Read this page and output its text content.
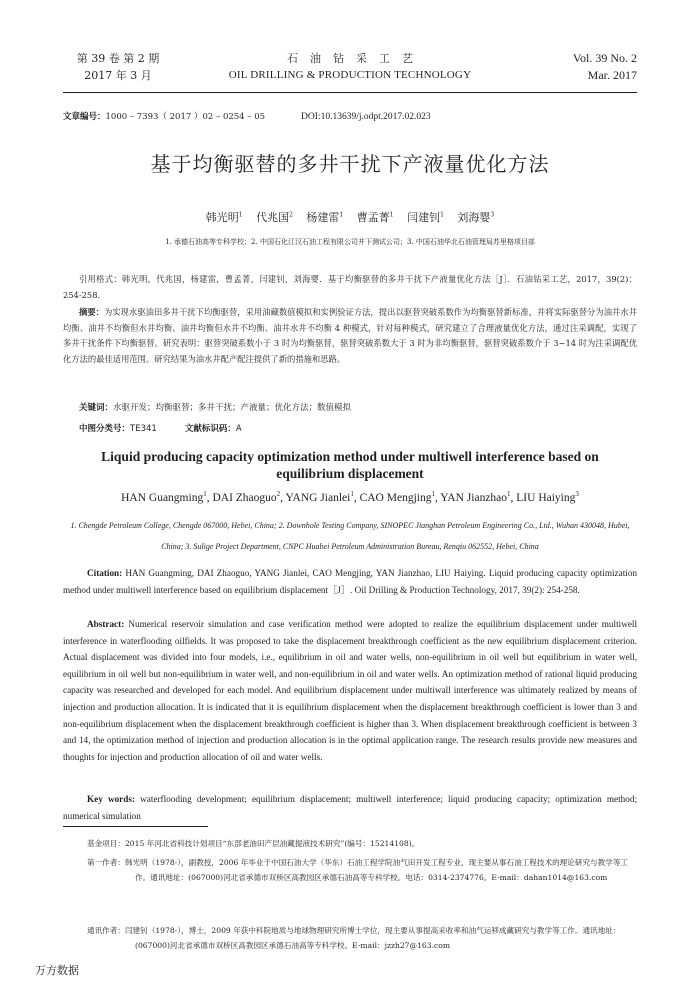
第 39 卷 第 2 期
2017 年 3 月
石 油 钻 采 工 艺
OIL DRILLING & PRODUCTION TECHNOLOGY
Vol. 39 No. 2
Mar. 2017
文章编号：1000 – 7393（ 2017 ）02 – 0254 – 05	DOI:10.13639/j.odpt.2017.02.023
基于均衡驱替的多井干扰下产液量优化方法
韩光明$^1$ 代兆国$^2$ 杨建雷$^1$ 曹孟菁$^1$ 闫建钊$^1$ 刘海婴$^3$
1. 承德石油高等专科学校；2. 中国石化江汉石油工程有限公司井下测试公司；3. 中国石油华北石油管理局苏里格项目部
引用格式：韩光明，代兆国，杨建雷，曹孟菁，闫建钊，刘海婴．基于均衡驱替的多井干扰下产液量优化方法［J］．石油钻采工艺，2017，39(2)：254-258.
摘要：为实现水驱油田多井干扰下均衡驱替，采用油藏数值模拟和实例验证方法，提出以驱替突破系数作为均衡驱替新标准，并将实际驱替分为油井水井均衡、油井不均衡但水井均衡、油井均衡但水井不均衡、油井水井不均衡 4 种模式，针对每种模式，研究建立了合理液量优化方法，通过注采调配，实现了多井干扰条件下均衡驱替。研究表明：驱替突破系数小于 3 时为均衡驱替，驱替突破系数大于 3 时为非均衡驱替，驱替突破系数介于 3~14 时为注采调配优化方法的最佳适用范围。研究结果为油水井配产配注提供了新的措施和思路。
关键词：水驱开发；均衡驱替；多井干扰；产液量；优化方法；数值模拟
中图分类号：TE341	文献标识码：A
Liquid producing capacity optimization method under multiwell interference based on equilibrium displacement
HAN Guangming$^1$, DAI Zhaoguo$^2$, YANG Jianlei$^1$, CAO Mengjing$^1$, YAN Jianzhao$^1$, LIU Haiying$^3$
1. Chengde Petroleum College, Chengde 067000, Hebei, China; 2. Downhole Testing Company, SINOPEC Jianghan Petroleum Engineering Co., Ltd., Wuhan 430048, Hubei, China; 3. Sulige Project Department, CNPC Huabei Petroleum Administration Bureau, Renqiu 062552, Hebei, China
Citation: HAN Guangming, DAI Zhaoguo, YANG Jianlei, CAO Mengjing, YAN Jianzhao, LIU Haiying. Liquid producing capacity optimization method under multiwell interference based on equilibrium displacement［J］. Oil Drilling & Production Technology, 2017, 39(2): 254-258.
Abstract: Numerical reservoir simulation and case verification method were adopted to realize the equilibrium displacement under multiwell interference in waterflooding oilfields. It was proposed to take the displacement breakthrough coefficient as the new equilibrium displacement criterion. Actual displacement was divided into four models, i.e., equilibrium in oil and water wells, non-equilibrium in oil well but equilibrium in water well, equilibrium in oil well but non-equilibrium in water well, and non-equilibrium in oil and water wells. An optimization method of rational liquid producing capacity was researched and developed for each model. And equilibrium displacement under multiwall interference was ultimately realized by means of injection and production allocation. It is indicated that it is equilibrium displacement when the displacement breakthrough coefficient is lower than 3 and non-equilibrium displacement when the displacement breakthrough coefficient is higher than 3. When displacement breakthrough coefficient is between 3 and 14, the optimization method of injection and production allocation is in the optimal application range. The research results provide new measures and thoughts for injection and production allocation of oil and water wells.
Key words: waterflooding development; equilibrium displacement; multiwell interference; liquid producing capacity; optimization method; numerical simulation
基金项目：2015 年河北省科技计划项目“东部老油田产层油藏提液技术研究”(编号：15214108)。
第一作者：韩光明（1978-），副教授，2006 年毕业于中国石油大学（华东）石油工程学院油气田开发工程专业，现主要从事石油工程技术的理论研究与教学等工作。通讯地址：(067000)河北省承德市双桥区高教园区承德石油高等专科学校。电话：0314-2374776。E-mail：dahan1014@163.com
通讯作者：闫建钊（1978-），博士，2009 年获中科院地质与地球物理研究所博士学位，现主要从事提高采收率和油气运移成藏研究与教学等工作。通讯地址：(067000)河北省承德市双桥区高教园区承德石油高等专科学校。E-mail：jzzh27@163.com
万方数据
